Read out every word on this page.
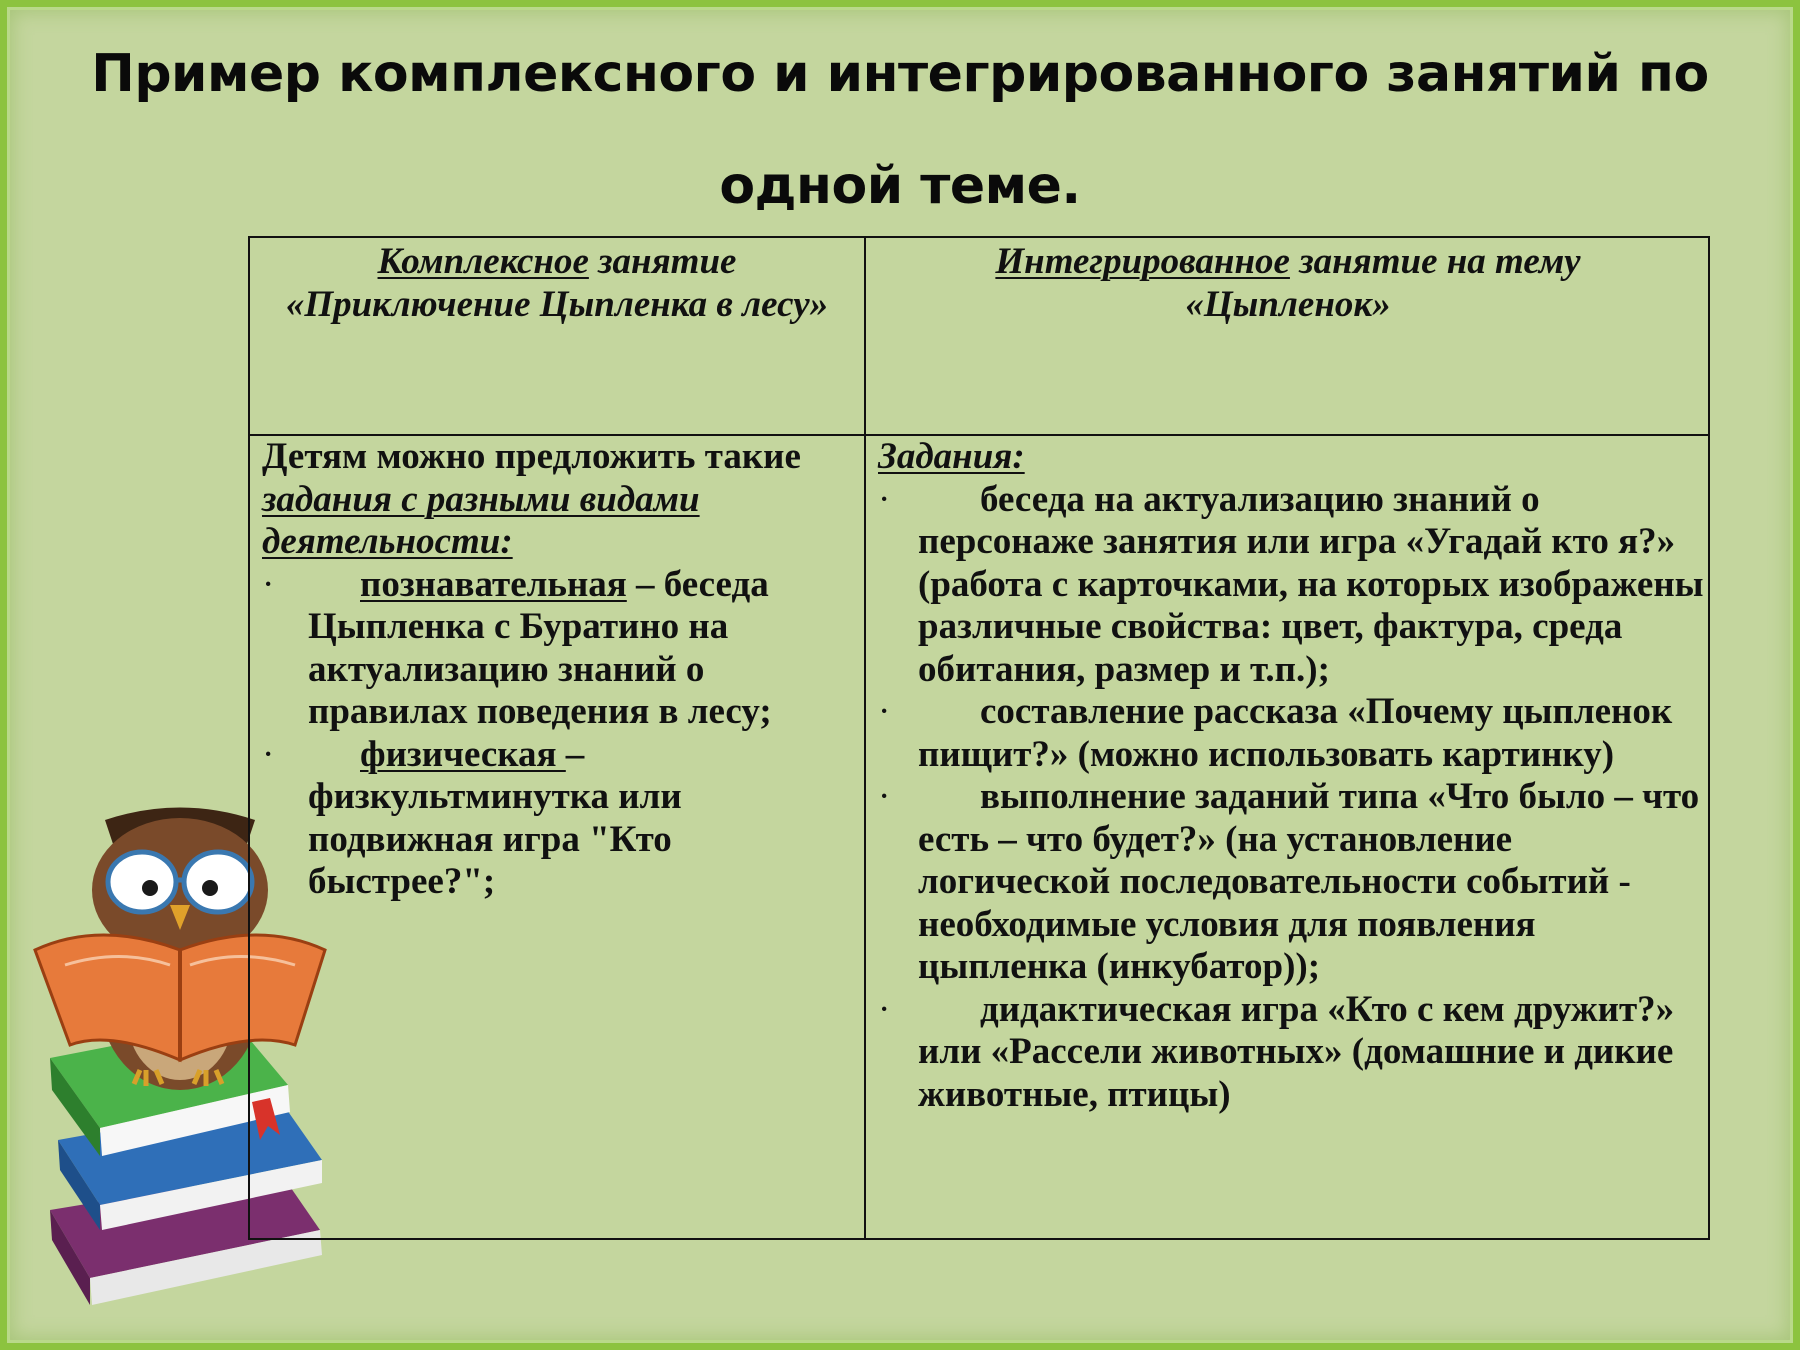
Пример комплексного и интегрированного занятий по
одной теме.
Комплексное занятие «Приключение Цыпленка в лесу»
Интегрированное занятие на тему «Цыпленок»

Детям можно предложить такие задания с разными видами деятельности:

· познавательная – беседа Цыпленка с Буратино на актуализацию знаний о правилах поведения в лесу;
· физическая – физкультминутка или подвижная игра "Кто быстрее?";
Задания:
· беседа на актуализацию знаний о персонаже занятия или игра «Угадай кто я?» (работа с карточками, на которых изображены различные свойства: цвет, фактура, среда обитания, размер и т.п.);
· составление рассказа «Почему цыпленок пищит?» (можно использовать картинку)
· выполнение заданий типа «Что было – что есть – что будет?» (на установление логической последовательности событий - необходимые условия для появления цыпленка (инкубатор));
· дидактическая игра «Кто с кем дружит?» или «Рассели животных» (домашние и дикие животные, птицы)
